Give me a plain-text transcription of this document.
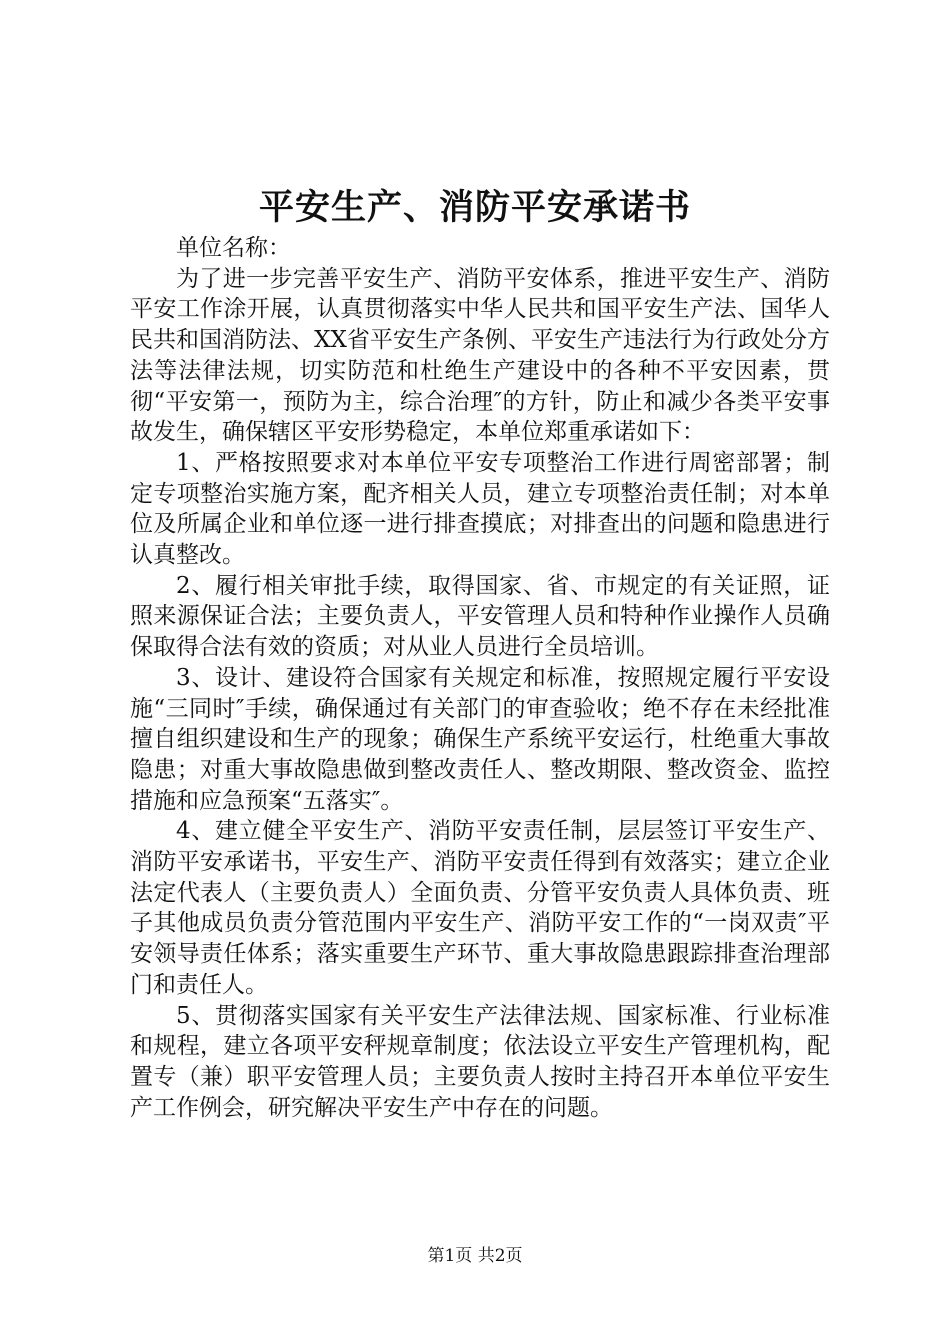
平安生产、消防平安承诺书

单位名称：

为了进一步完善平安生产、消防平安体系，推进平安生产、消防平安工作涂开展，认真贯彻落实中华人民共和国平安生产法、国华人民共和国消防法、XX省平安生产条例、平安生产违法行为行政处分方法等法律法规，切实防范和杜绝生产建设中的各种不平安因素，贯彻“平安第一，预防为主，综合治理″的方针，防止和减少各类平安事故发生，确保辖区平安形势稳定，本单位郑重承诺如下：

1、严格按照要求对本单位平安专项整治工作进行周密部署；制定专项整治实施方案，配齐相关人员，建立专项整治责任制；对本单位及所属企业和单位逐一进行排查摸底；对排查出的问题和隐患进行认真整改。

2、履行相关审批手续，取得国家、省、市规定的有关证照，证照来源保证合法；主要负责人，平安管理人员和特种作业操作人员确保取得合法有效的资质；对从业人员进行全员培训。

3、设计、建设符合国家有关规定和标准，按照规定履行平安设施“三同时″手续，确保通过有关部门的审查验收；绝不存在未经批准擅自组织建设和生产的现象；确保生产系统平安运行，杜绝重大事故隐患；对重大事故隐患做到整改责任人、整改期限、整改资金、监控措施和应急预案“五落实″。

4、建立健全平安生产、消防平安责任制，层层签订平安生产、消防平安承诺书，平安生产、消防平安责任得到有效落实；建立企业法定代表人（主要负责人）全面负责、分管平安负责人具体负责、班子其他成员负责分管范围内平安生产、消防平安工作的“一岗双责″平安领导责任体系；落实重要生产环节、重大事故隐患跟踪排查治理部门和责任人。

5、贯彻落实国家有关平安生产法律法规、国家标准、行业标准和规程，建立各项平安秤规章制度；依法设立平安生产管理机构，配置专（兼）职平安管理人员；主要负责人按时主持召开本单位平安生产工作例会，研究解决平安生产中存在的问题。

第1页 共2页
